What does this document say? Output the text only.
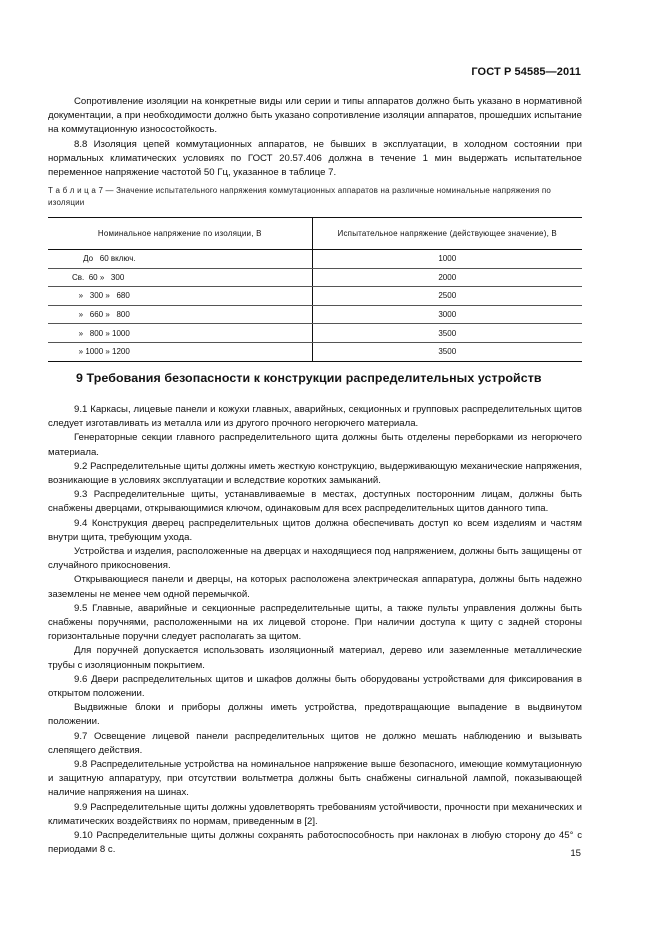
ГОСТ Р 54585—2011

Сопротивление изоляции на конкретные виды или серии и типы аппаратов должно быть указано в нормативной документации, а при необходимости должно быть указано сопротивление изоляции аппаратов, прошедших испытание на коммутационную износостойкость.

8.8 Изоляция цепей коммутационных аппаратов, не бывших в эксплуатации, в холодном состоянии при нормальных климатических условиях по ГОСТ 20.57.406 должна в течение 1 мин выдержать испытательное переменное напряжение частотой 50 Гц, указанное в таблице 7.

Т а б л и ц а 7 — Значение испытательного напряжения коммутационных аппаратов на различные номинальные напряжения по изоляции
Номинальное напряжение по изоляции, В	Испытательное напряжение (действующее значение), В
До   60 включ.	1000
Св.  60 »   300	2000
»   300 »   680	2500
»   660 »   800	3000
»   800 » 1000	3500
» 1000 » 1200	3500
9 Требования безопасности к конструкции распределительных устройств

9.1 Каркасы, лицевые панели и кожухи главных, аварийных, секционных и групповых распределительных щитов следует изготавливать из металла или из другого прочного негорючего материала.

Генераторные секции главного распределительного щита должны быть отделены переборками из негорючего материала.

9.2 Распределительные щиты должны иметь жесткую конструкцию, выдерживающую механические напряжения, возникающие в условиях эксплуатации и вследствие коротких замыканий.

9.3 Распределительные щиты, устанавливаемые в местах, доступных посторонним лицам, должны быть снабжены дверцами, открывающимися ключом, одинаковым для всех распределительных щитов данного типа.

9.4 Конструкция дверец распределительных щитов должна обеспечивать доступ ко всем изделиям и частям внутри щита, требующим ухода.

Устройства и изделия, расположенные на дверцах и находящиеся под напряжением, должны быть защищены от случайного прикосновения.

Открывающиеся панели и дверцы, на которых расположена электрическая аппаратура, должны быть надежно заземлены не менее чем одной перемычкой.

9.5 Главные, аварийные и секционные распределительные щиты, а также пульты управления должны быть снабжены поручнями, расположенными на их лицевой стороне. При наличии доступа к щиту с задней стороны горизонтальные поручни следует располагать за щитом.

Для поручней допускается использовать изоляционный материал, дерево или заземленные металлические трубы с изоляционным покрытием.

9.6 Двери распределительных щитов и шкафов должны быть оборудованы устройствами для фиксирования в открытом положении.

Выдвижные блоки и приборы должны иметь устройства, предотвращающие выпадение в выдвинутом положении.

9.7 Освещение лицевой панели распределительных щитов не должно мешать наблюдению и вызывать слепящего действия.

9.8 Распределительные устройства на номинальное напряжение выше безопасного, имеющие коммутационную и защитную аппаратуру, при отсутствии вольтметра должны быть снабжены сигнальной лампой, показывающей наличие напряжения на шинах.

9.9 Распределительные щиты должны удовлетворять требованиям устойчивости, прочности при механических и климатических воздействиях по нормам, приведенным в [2].

9.10 Распределительные щиты должны сохранять работоспособность при наклонах в любую сторону до 45° с периодами 8 с.	15
